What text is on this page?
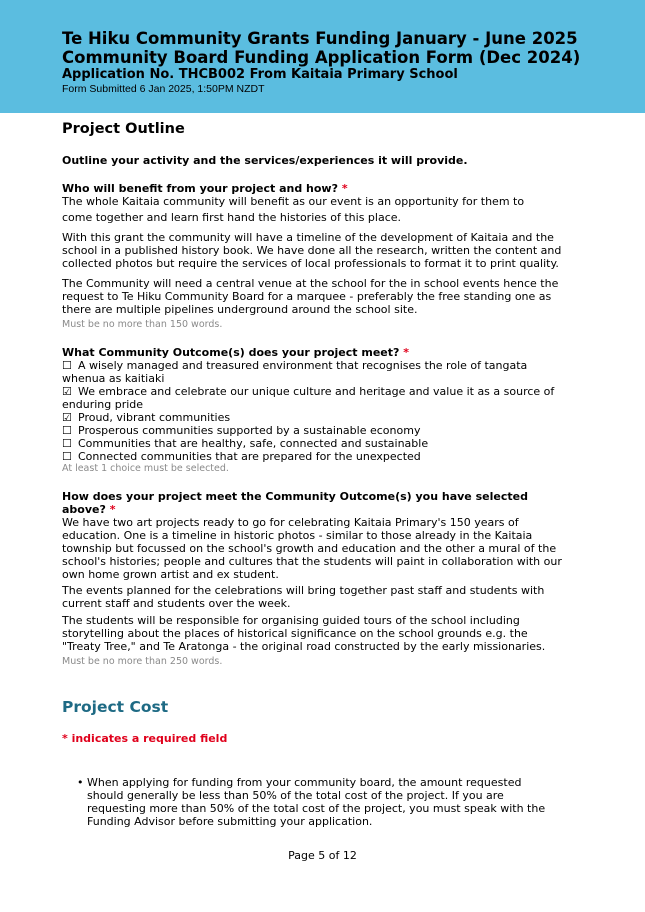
Te Hiku Community Grants Funding January - June 2025
Community Board Funding Application Form (Dec 2024)
Application No. THCB002 From Kaitaia Primary School
Form Submitted 6 Jan 2025, 1:50PM NZDT
Project Outline
Outline your activity and the services/experiences it will provide.
Who will benefit from your project and how? *
The whole Kaitaia community will benefit as our event is an opportunity for them to
come together and learn first hand the histories of this place.
With this grant the community will have a timeline of the development of Kaitaia and the school in a published history book. We have done all the research, written the content and collected photos but require the services of local professionals to format it to print quality.
The Community will need a central venue at the school for the in school events hence the request to Te Hiku Community Board for a marquee - preferably the free standing one as there are multiple pipelines underground around the school site.
Must be no more than 150 words.
What Community Outcome(s) does your project meet? *
☐ A wisely managed and treasured environment that recognises the role of tangata whenua as kaitiaki
☑ We embrace and celebrate our unique culture and heritage and value it as a source of enduring pride
☑ Proud, vibrant communities
☐ Prosperous communities supported by a sustainable economy
☐ Communities that are healthy, safe, connected and sustainable
☐ Connected communities that are prepared for the unexpected
At least 1 choice must be selected.
How does your project meet the Community Outcome(s) you have selected
above? *
We have two art projects ready to go for celebrating Kaitaia Primary's 150 years of education. One is a timeline in historic photos - similar to those already in the Kaitaia township but focussed on the school's growth and education and the other a mural of the school's histories; people and cultures that the students will paint in collaboration with our own home grown artist and ex student.
The events planned for the celebrations will bring together past staff and students with current staff and students over the week.
The students will be responsible for organising guided tours of the school including storytelling about the places of historical significance on the school grounds e.g. the "Treaty Tree," and Te Aratonga - the original road constructed by the early missionaries.
Must be no more than 250 words.
Project Cost
* indicates a required field
• When applying for funding from your community board, the amount requested should generally be less than 50% of the total cost of the project. If you are requesting more than 50% of the total cost of the project, you must speak with the Funding Advisor before submitting your application.
Page 5 of 12
